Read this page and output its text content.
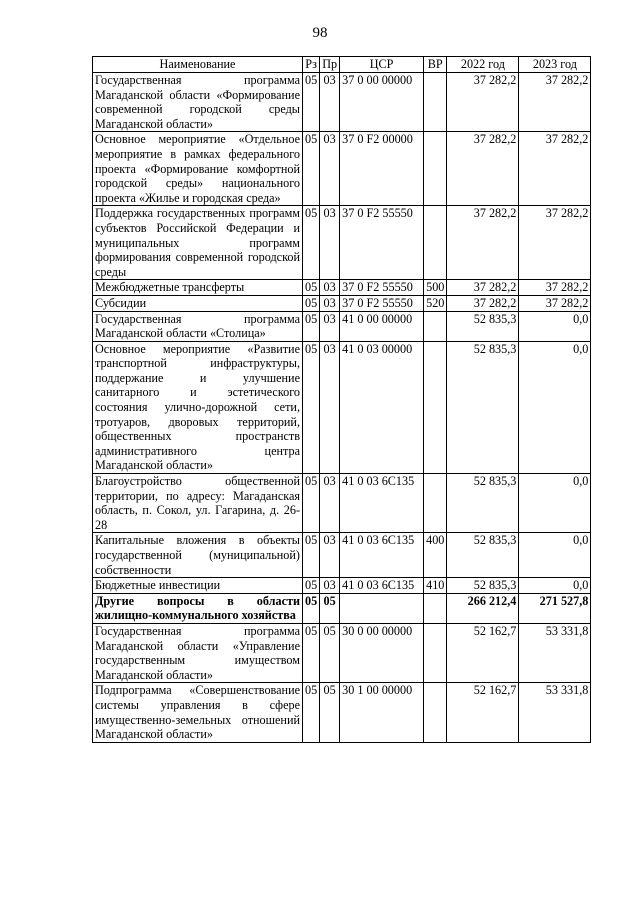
98
Наименование	Рз	Пр	ЦСР	ВР	2022 год	2023 год
Государственная программа Магаданской области «Формирование современной городской среды Магаданской области»	05	03	37 0 00 00000		37 282,2	37 282,2
Основное мероприятие «Отдельное мероприятие в рамках федерального проекта «Формирование комфортной городской среды» национального проекта «Жилье и городская среда»	05	03	37 0 F2 00000		37 282,2	37 282,2
Поддержка государственных программ субъектов Российской Федерации и муниципальных программ формирования современной городской среды	05	03	37 0 F2 55550		37 282,2	37 282,2
Межбюджетные трансферты	05	03	37 0 F2 55550	500	37 282,2	37 282,2
Субсидии	05	03	37 0 F2 55550	520	37 282,2	37 282,2
Государственная программа Магаданской области «Столица»	05	03	41 0 00 00000		52 835,3	0,0
Основное мероприятие «Развитие транспортной инфраструктуры, поддержание и улучшение санитарного и эстетического состояния улично-дорожной сети, тротуаров, дворовых территорий, общественных пространств административного центра Магаданской области»	05	03	41 0 03 00000		52 835,3	0,0
Благоустройство общественной территории, по адресу: Магаданская область, п. Сокол, ул. Гагарина, д. 26-28	05	03	41 0 03 6С135		52 835,3	0,0
Капитальные вложения в объекты государственной (муниципальной) собственности	05	03	41 0 03 6С135	400	52 835,3	0,0
Бюджетные инвестиции	05	03	41 0 03 6С135	410	52 835,3	0,0
Другие вопросы в области жилищно-коммунального хозяйства	05	05			266 212,4	271 527,8
Государственная программа Магаданской области «Управление государственным имуществом Магаданской области»	05	05	30 0 00 00000		52 162,7	53 331,8
Подпрограмма «Совершенствование системы управления в сфере имущественно-земельных отношений Магаданской области»	05	05	30 1 00 00000		52 162,7	53 331,8
